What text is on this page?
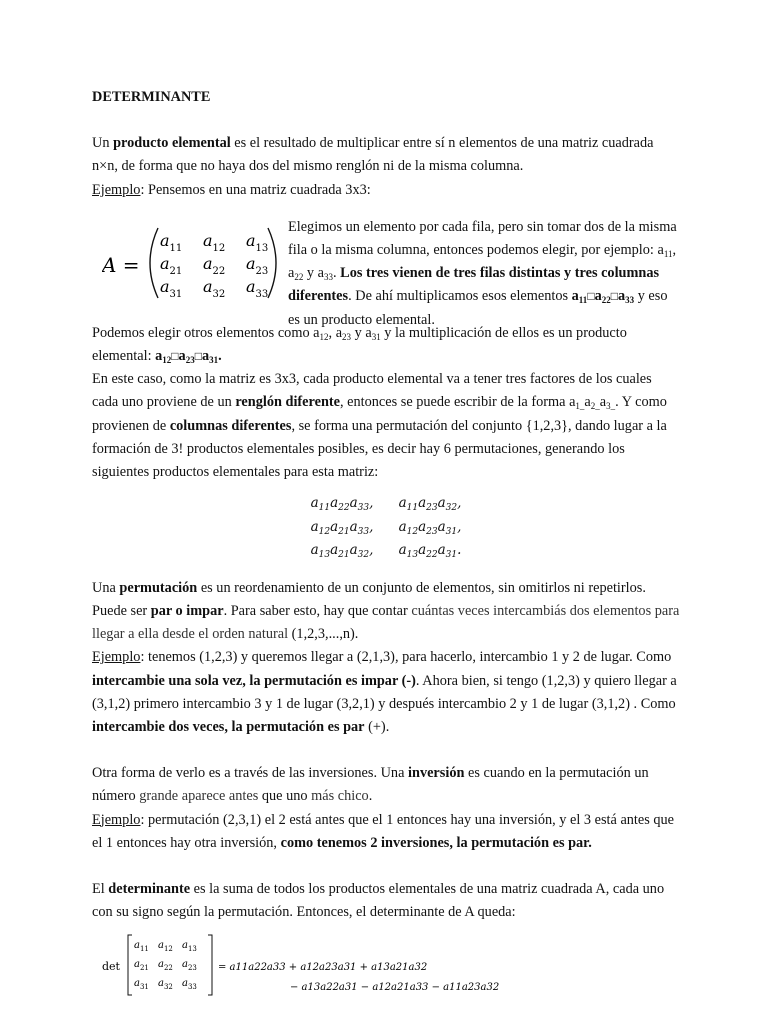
DETERMINANTE

Un producto elemental es el resultado de multiplicar entre sí n elementos de una matriz cuadrada n×n, de forma que no haya dos del mismo renglón ni de la misma columna.

Ejemplo: Pensemos en una matriz cuadrada 3x3:

A =
$a_{11}$ $a_{12}$ $a_{13}$
$a_{21}$ $a_{22}$ $a_{23}$
$a_{31}$ $a_{32}$ $a_{33}$

Elegimos un elemento por cada fila, pero sin tomar dos de la misma fila o la misma columna, entonces podemos elegir, por ejemplo: $a_{11}$, $a_{22}$ y $a_{33}$. Los tres vienen de tres filas distintas y tres columnas diferentes. De ahí multiplicamos esos elementos $a_{11}□a_{22}□a_{33}$ y eso es un producto elemental.

Podemos elegir otros elementos como $a_{12}$, $a_{23}$ y $a_{31}$ y la multiplicación de ellos es un producto elemental: $a_{12}□a_{23}□a_{31}$.

En este caso, como la matriz es 3x3, cada producto elemental va a tener tres factores de los cuales cada uno proviene de un renglón diferente, entonces se puede escribir de la forma $a_{1\_}a_{2\_}a_{3\_}$. Y como provienen de columnas diferentes, se forma una permutación del conjunto {1,2,3}, dando lugar a la formación de 3! productos elementales posibles, es decir hay 6 permutaciones, generando los siguientes productos elementales para esta matriz:

$a_{11}a_{22}a_{33}$, $a_{11}a_{23}a_{32}$,
$a_{12}a_{21}a_{33}$, $a_{12}a_{23}a_{31}$,
$a_{13}a_{21}a_{32}$, $a_{13}a_{22}a_{31}$.

Una permutación es un reordenamiento de un conjunto de elementos, sin omitirlos ni repetirlos. Puede ser par o impar. Para saber esto, hay que contar cuántas veces intercambiás dos elementos para llegar a ella desde el orden natural (1,2,3,...,n).

Ejemplo: tenemos (1,2,3) y queremos llegar a (2,1,3), para hacerlo, intercambio 1 y 2 de lugar. Como intercambie una sola vez, la permutación es impar (-). Ahora bien, si tengo (1,2,3) y quiero llegar a (3,1,2) primero intercambio 3 y 1 de lugar (3,2,1) y después intercambio 2 y 1 de lugar (3,1,2) . Como intercambie dos veces, la permutación es par (+).

Otra forma de verlo es a través de las inversiones. Una inversión es cuando en la permutación un número grande aparece antes que uno más chico.

Ejemplo: permutación (2,3,1) el 2 está antes que el 1 entonces hay una inversión, y el 3 está antes que el 1 entonces hay otra inversión, como tenemos 2 inversiones, la permutación es par.

El determinante es la suma de todos los productos elementales de una matriz cuadrada A, cada uno con su signo según la permutación. Entonces, el determinante de A queda:

det
$a_{11}$ $a_{12}$ $a_{13}$
$a_{21}$ $a_{22}$ $a_{23}$
$a_{31}$ $a_{32}$ $a_{33}$
= a11a22a33 + a12a23a31 + a13a21a32
− a13a22a31 − a12a21a33 − a11a23a32
